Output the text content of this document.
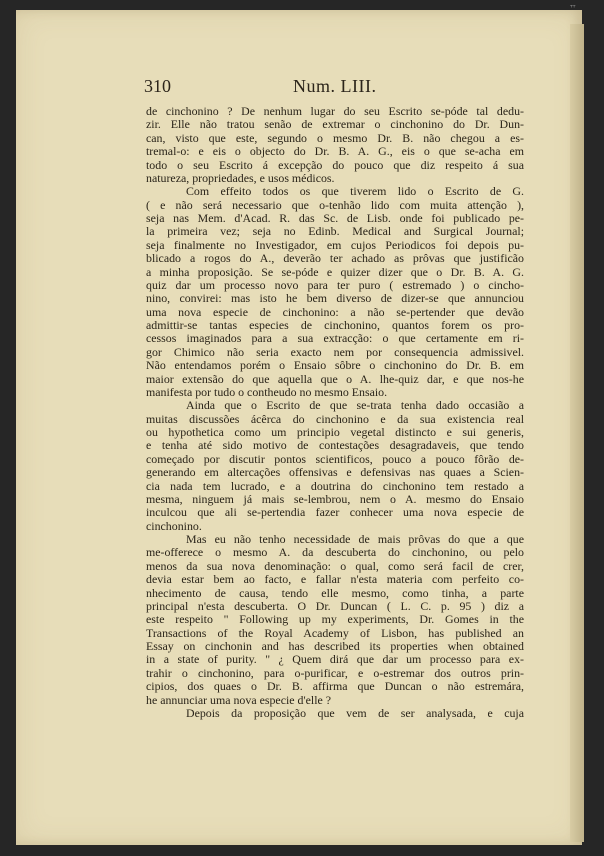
ᵀᵀ
310	Num. LIII.
de cinchonino ? De nenhum lugar do seu Escrito se-póde tal dedu-
zir. Elle não tratou senão de extremar o cinchonino do Dr. Dun-
can, visto que este, segundo o mesmo Dr. B. não chegou a es-
tremal-o: e eis o objecto do Dr. B. A. G., eis o que se-acha em
todo o seu Escrito á excepção do pouco que diz respeito á sua
natureza, propriedades, e usos médicos.
Com effeito todos os que tiverem lido o Escrito de G.
( e não será necessario que o-tenhão lido com muita attenção ),
seja nas Mem. d'Acad. R. das Sc. de Lisb. onde foi publicado pe-
la primeira vez; seja no Edinb. Medical and Surgical Journal;
seja finalmente no Investigador, em cujos Periodicos foi depois pu-
blicado a rogos do A., deverão ter achado as prôvas que justificão
a minha proposição. Se se-póde e quizer dizer que o Dr. B. A. G.
quiz dar um processo novo para ter puro ( estremado ) o cincho-
nino, convirei: mas isto he bem diverso de dizer-se que annunciou
uma nova especie de cinchonino: a não se-pertender que devão
admittir-se tantas especies de cinchonino, quantos forem os pro-
cessos imaginados para a sua extracção: o que certamente em ri-
gor Chimico não seria exacto nem por consequencia admissivel.
Não entendamos porém o Ensaio sôbre o cinchonino do Dr. B. em
maior extensão do que aquella que o A. lhe-quiz dar, e que nos-he
manifesta por tudo o contheudo no mesmo Ensaio.
Ainda que o Escrito de que se-trata tenha dado occasião a
muitas discussões ácêrca do cinchonino e da sua existencia real
ou hypothetica como um principio vegetal distincto e sui generis,
e tenha até sido motivo de contestações desagradaveis, que tendo
começado por discutir pontos scientificos, pouco a pouco fôrão de-
generando em altercações offensivas e defensivas nas quaes a Scien-
cia nada tem lucrado, e a doutrina do cinchonino tem restado a
mesma, ninguem já mais se-lembrou, nem o A. mesmo do Ensaio
inculcou que ali se-pertendia fazer conhecer uma nova especie de
cinchonino.
Mas eu não tenho necessidade de mais prôvas do que a que
me-offerece o mesmo A. da descuberta do cinchonino, ou pelo
menos da sua nova denominação: o qual, como será facil de crer,
devia estar bem ao facto, e fallar n'esta materia com perfeito co-
nhecimento de causa, tendo elle mesmo, como tinha, a parte
principal n'esta descuberta. O Dr. Duncan ( L. C. p. 95 ) diz a
este respeito " Following up my experiments, Dr. Gomes in the
Transactions of the Royal Academy of Lisbon, has published an
Essay on cinchonin and has described its properties when obtained
in a state of purity. " ¿ Quem dirá que dar um processo para ex-
trahir o cinchonino, para o-purificar, e o-estremar dos outros prin-
cipios, dos quaes o Dr. B. affirma que Duncan o não estremára,
he annunciar uma nova especie d'elle ?
Depois da proposição que vem de ser analysada, e cuja
